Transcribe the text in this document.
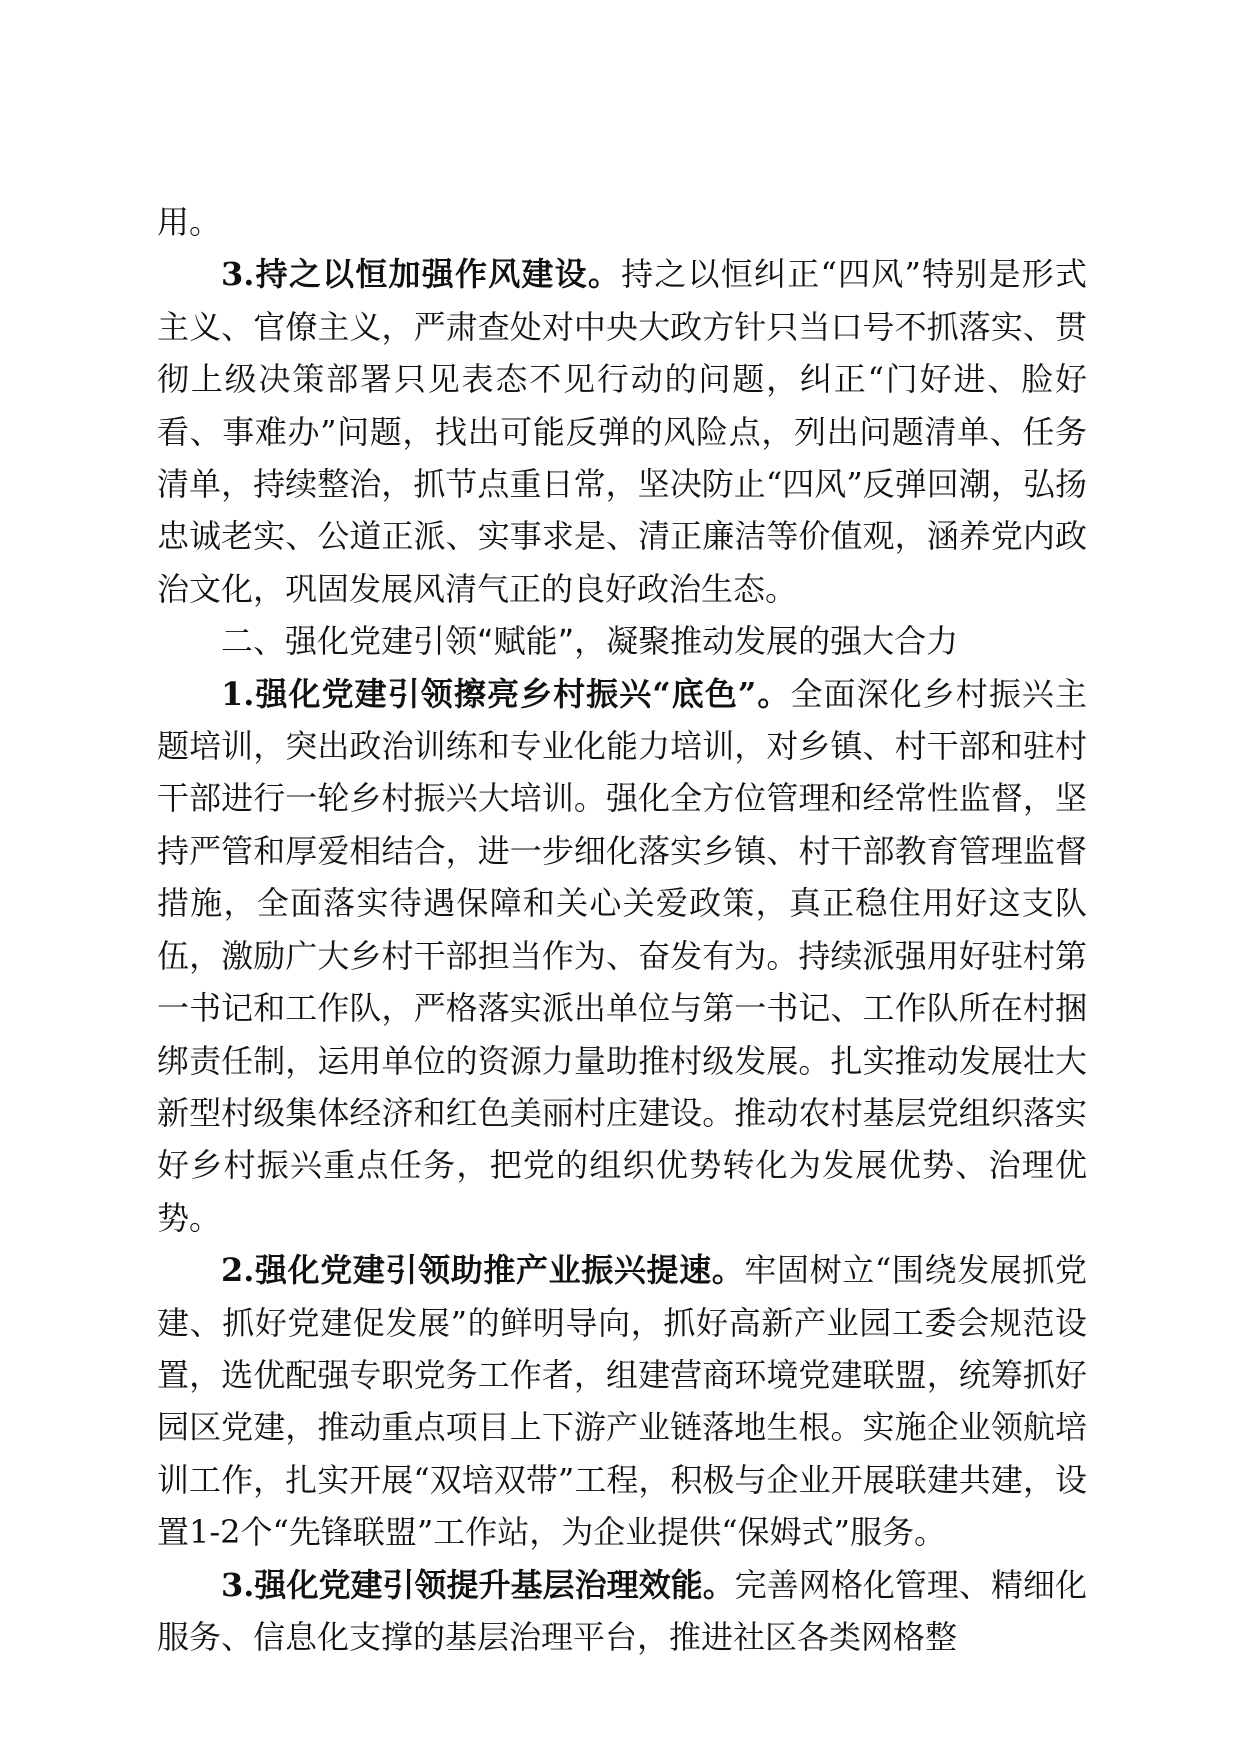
用。

3.持之以恒加强作风建设。持之以恒纠正“四风”特别是形式主义、官僚主义，严肃查处对中央大政方针只当口号不抓落实、贯彻上级决策部署只见表态不见行动的问题，纠正“门好进、脸好看、事难办”问题，找出可能反弹的风险点，列出问题清单、任务清单，持续整治，抓节点重日常，坚决防止“四风”反弹回潮，弘扬忠诚老实、公道正派、实事求是、清正廉洁等价值观，涵养党内政治文化，巩固发展风清气正的良好政治生态。

二、强化党建引领“赋能”，凝聚推动发展的强大合力

1.强化党建引领擦亮乡村振兴“底色”。全面深化乡村振兴主题培训，突出政治训练和专业化能力培训，对乡镇、村干部和驻村干部进行一轮乡村振兴大培训。强化全方位管理和经常性监督，坚持严管和厚爱相结合，进一步细化落实乡镇、村干部教育管理监督措施，全面落实待遇保障和关心关爱政策，真正稳住用好这支队伍，激励广大乡村干部担当作为、奋发有为。持续派强用好驻村第一书记和工作队，严格落实派出单位与第一书记、工作队所在村捆绑责任制，运用单位的资源力量助推村级发展。扎实推动发展壮大新型村级集体经济和红色美丽村庄建设。推动农村基层党组织落实好乡村振兴重点任务，把党的组织优势转化为发展优势、治理优势。

2.强化党建引领助推产业振兴提速。牢固树立“围绕发展抓党建、抓好党建促发展”的鲜明导向，抓好高新产业园工委会规范设置，选优配强专职党务工作者，组建营商环境党建联盟，统筹抓好园区党建，推动重点项目上下游产业链落地生根。实施企业领航培训工作，扎实开展“双培双带”工程，积极与企业开展联建共建，设置1-2个“先锋联盟”工作站，为企业提供“保姆式”服务。

3.强化党建引领提升基层治理效能。完善网格化管理、精细化服务、信息化支撑的基层治理平台，推进社区各类网格整
